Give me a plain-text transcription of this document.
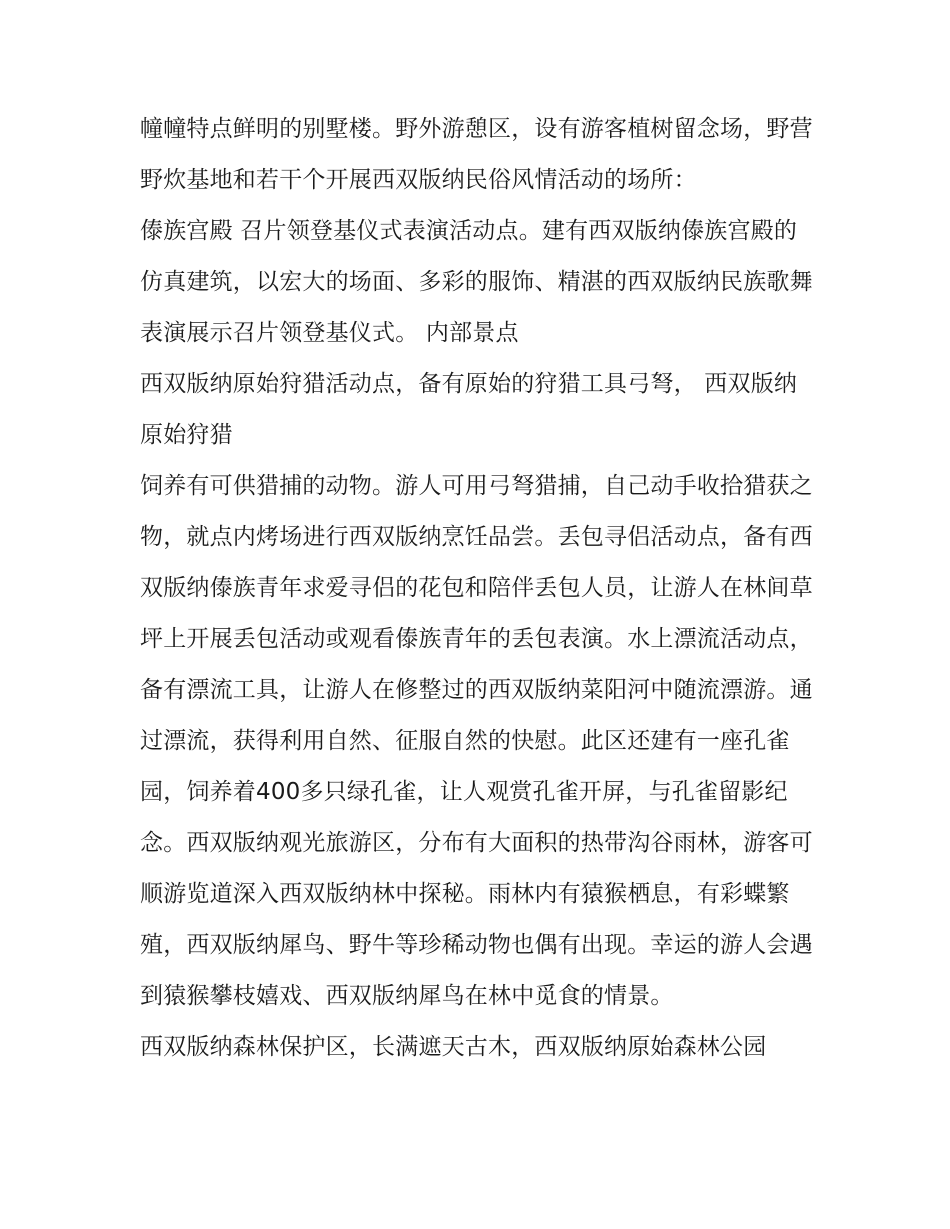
幢幢特点鲜明的别墅楼。野外游憩区，设有游客植树留念场，野营野炊基地和若干个开展西双版纳民俗风情活动的场所：

傣族宫殿 召片领登基仪式表演活动点。建有西双版纳傣族宫殿的仿真建筑，以宏大的场面、多彩的服饰、精湛的西双版纳民族歌舞表演展示召片领登基仪式。 内部景点

西双版纳原始狩猎活动点，备有原始的狩猎工具弓弩， 西双版纳原始狩猎

饲养有可供猎捕的动物。游人可用弓弩猎捕，自己动手收拾猎获之物，就点内烤场进行西双版纳烹饪品尝。丢包寻侣活动点，备有西双版纳傣族青年求爱寻侣的花包和陪伴丢包人员，让游人在林间草坪上开展丢包活动或观看傣族青年的丢包表演。水上漂流活动点，备有漂流工具，让游人在修整过的西双版纳菜阳河中随流漂游。通过漂流，获得利用自然、征服自然的快慰。此区还建有一座孔雀园，饲养着400多只绿孔雀，让人观赏孔雀开屏，与孔雀留影纪念。西双版纳观光旅游区，分布有大面积的热带沟谷雨林，游客可顺游览道深入西双版纳林中探秘。雨林内有猿猴栖息，有彩蝶繁殖，西双版纳犀鸟、野牛等珍稀动物也偶有出现。幸运的游人会遇到猿猴攀枝嬉戏、西双版纳犀鸟在林中觅食的情景。

西双版纳森林保护区，长满遮天古木，西双版纳原始森林公园
